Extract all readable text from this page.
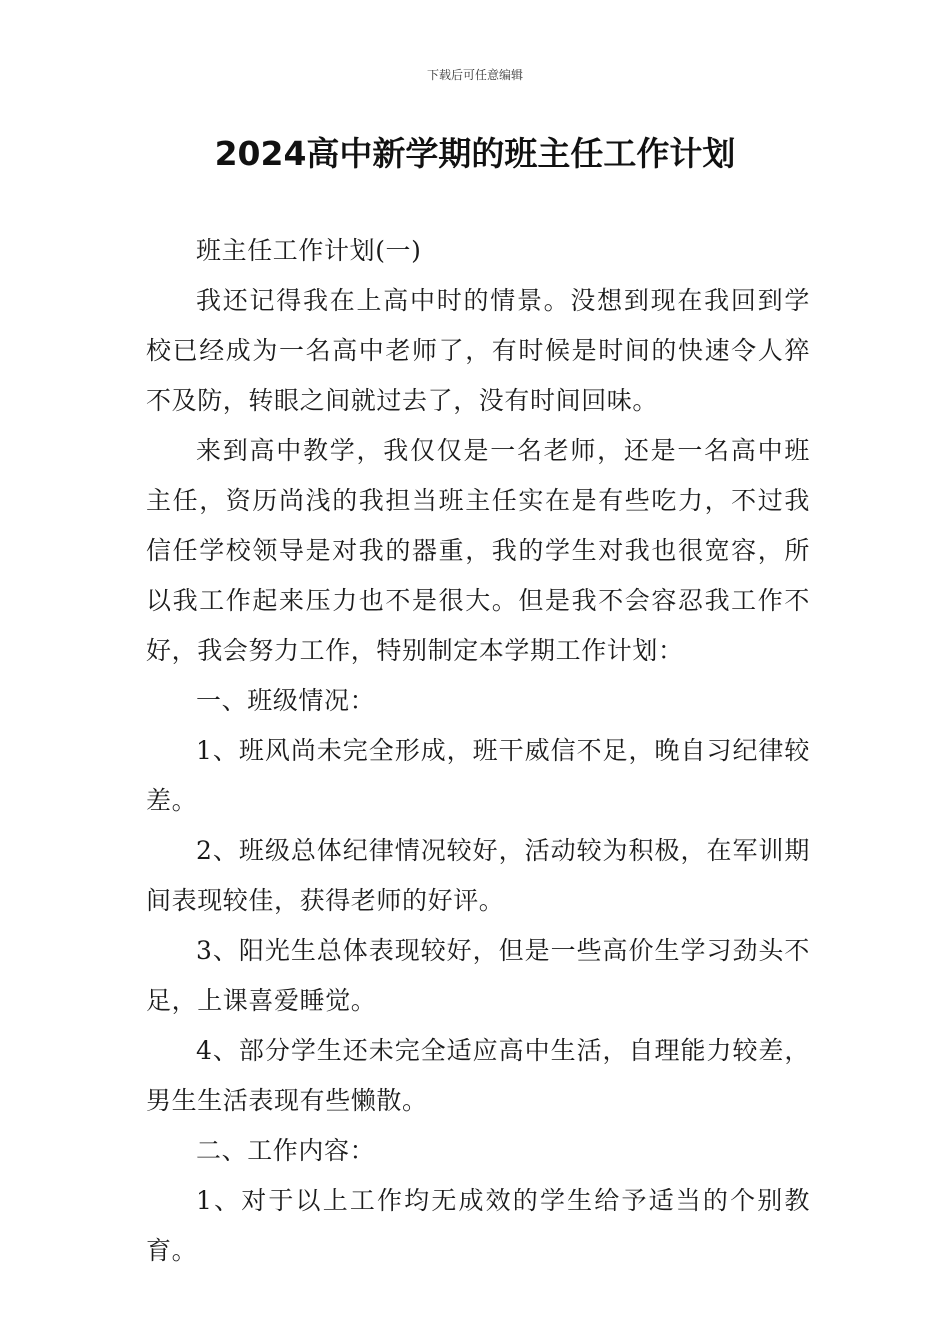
下载后可任意编辑
2024高中新学期的班主任工作计划

班主任工作计划(一)

我还记得我在上高中时的情景。没想到现在我回到学校已经成为一名高中老师了，有时候是时间的快速令人猝不及防，转眼之间就过去了，没有时间回味。

来到高中教学，我仅仅是一名老师，还是一名高中班主任，资历尚浅的我担当班主任实在是有些吃力，不过我信任学校领导是对我的器重，我的学生对我也很宽容，所以我工作起来压力也不是很大。但是我不会容忍我工作不好，我会努力工作，特别制定本学期工作计划：

一、班级情况：

1、班风尚未完全形成，班干威信不足，晚自习纪律较差。

2、班级总体纪律情况较好，活动较为积极，在军训期间表现较佳，获得老师的好评。

3、阳光生总体表现较好，但是一些高价生学习劲头不足，上课喜爱睡觉。

4、部分学生还未完全适应高中生活，自理能力较差，男生生活表现有些懒散。

二、工作内容：

1、对于以上工作均无成效的学生给予适当的个别教育。
